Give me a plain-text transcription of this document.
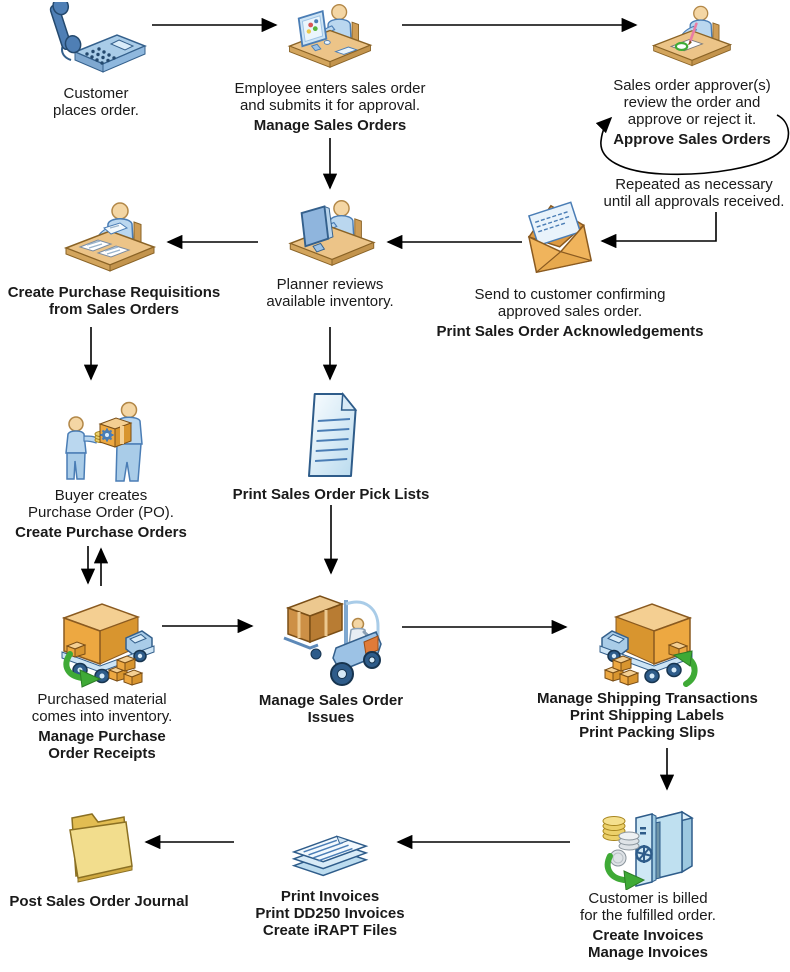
Customer
places order.
Employee enters sales order
and submits it for approval.
Manage Sales Orders
Sales order approver(s)
review the order and
approve or reject it.
Approve Sales Orders
Repeated as necessary
until all approvals received.
Send to customer confirming
approved sales order.
Print Sales Order Acknowledgements
Planner reviews
available inventory.
Create Purchase Requisitions
from Sales Orders
Buyer creates
Purchase Order (PO).
Create Purchase Orders
Print Sales Order Pick Lists
Purchased material
comes into inventory.
Manage Purchase
Order Receipts
Manage Sales Order
Issues
Manage Shipping Transactions
Print Shipping Labels
Print Packing Slips
Customer is billed
for the fulfilled order.
Create Invoices
Manage Invoices
Print Invoices
Print DD250 Invoices
Create iRAPT Files
Post Sales Order Journal
